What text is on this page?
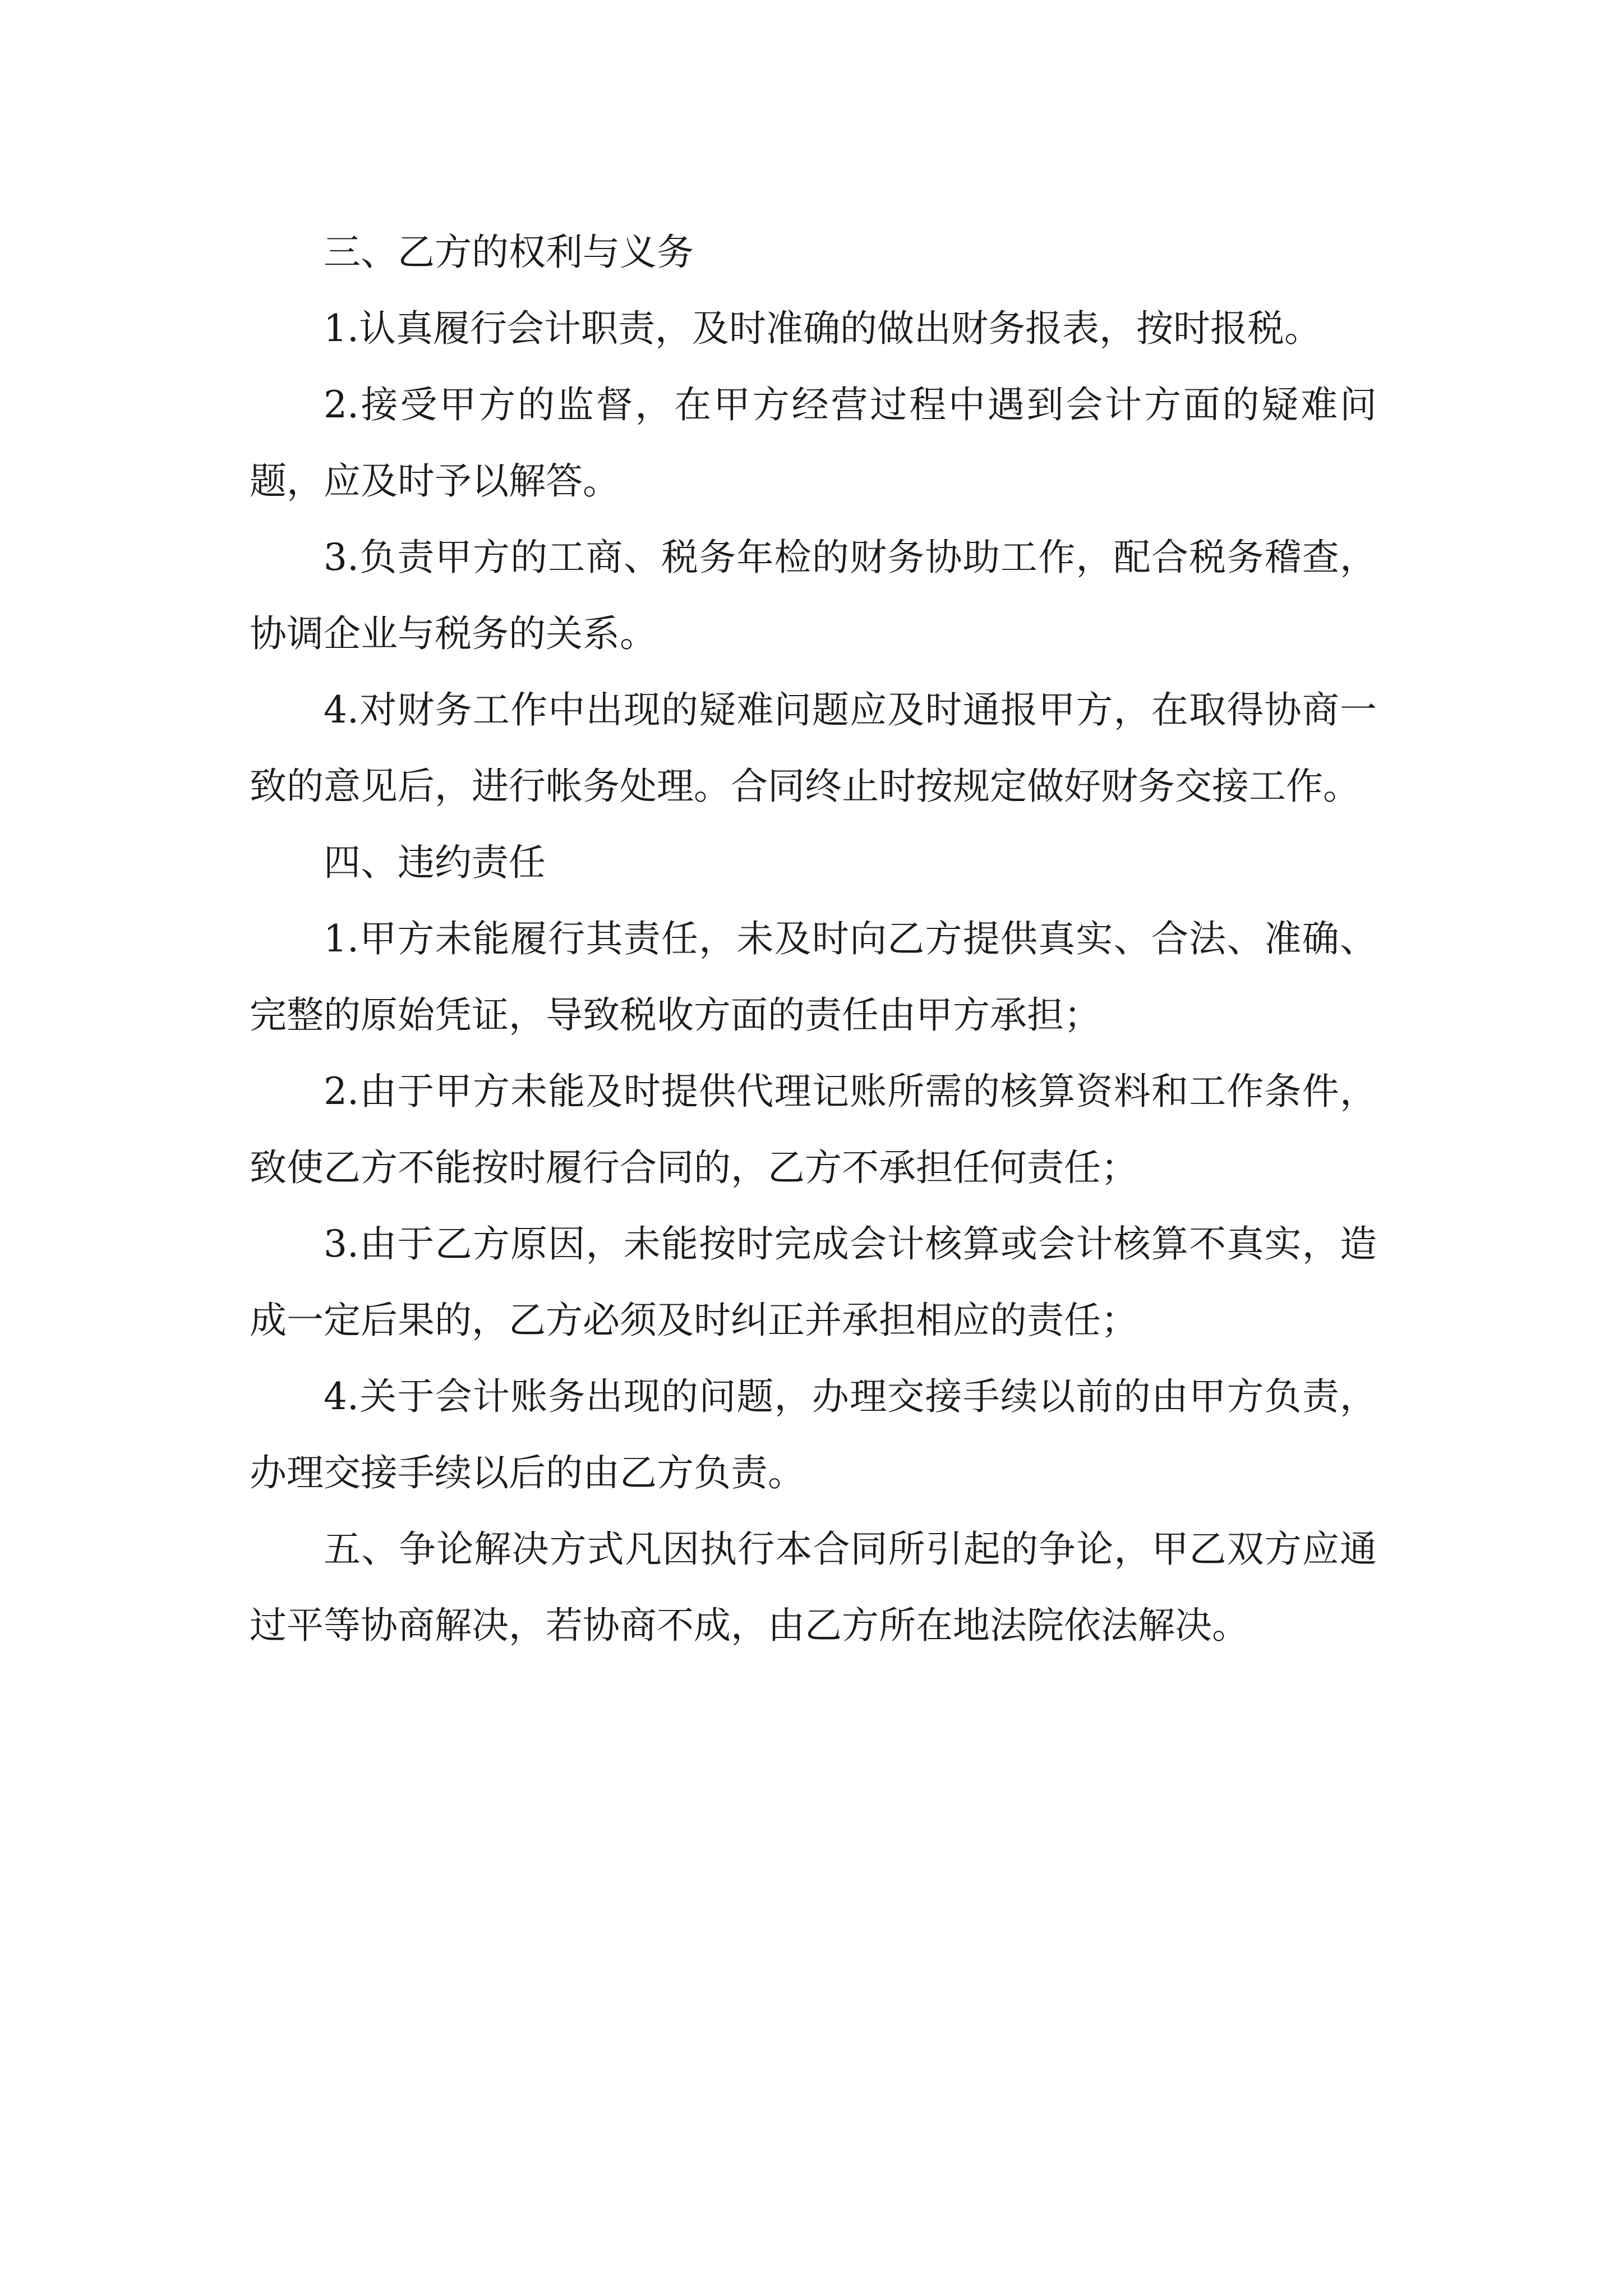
三、乙方的权利与义务

1.认真履行会计职责，及时准确的做出财务报表，按时报税。

2.接受甲方的监督，在甲方经营过程中遇到会计方面的疑难问题，应及时予以解答。

3.负责甲方的工商、税务年检的财务协助工作，配合税务稽查，协调企业与税务的关系。

4.对财务工作中出现的疑难问题应及时通报甲方，在取得协商一致的意见后，进行帐务处理。合同终止时按规定做好财务交接工作。

四、违约责任

1.甲方未能履行其责任，未及时向乙方提供真实、合法、准确、完整的原始凭证，导致税收方面的责任由甲方承担；

2.由于甲方未能及时提供代理记账所需的核算资料和工作条件，致使乙方不能按时履行合同的，乙方不承担任何责任；

3.由于乙方原因，未能按时完成会计核算或会计核算不真实，造成一定后果的，乙方必须及时纠正并承担相应的责任；

4.关于会计账务出现的问题，办理交接手续以前的由甲方负责，办理交接手续以后的由乙方负责。

五、争论解决方式凡因执行本合同所引起的争论，甲乙双方应通过平等协商解决，若协商不成，由乙方所在地法院依法解决。
